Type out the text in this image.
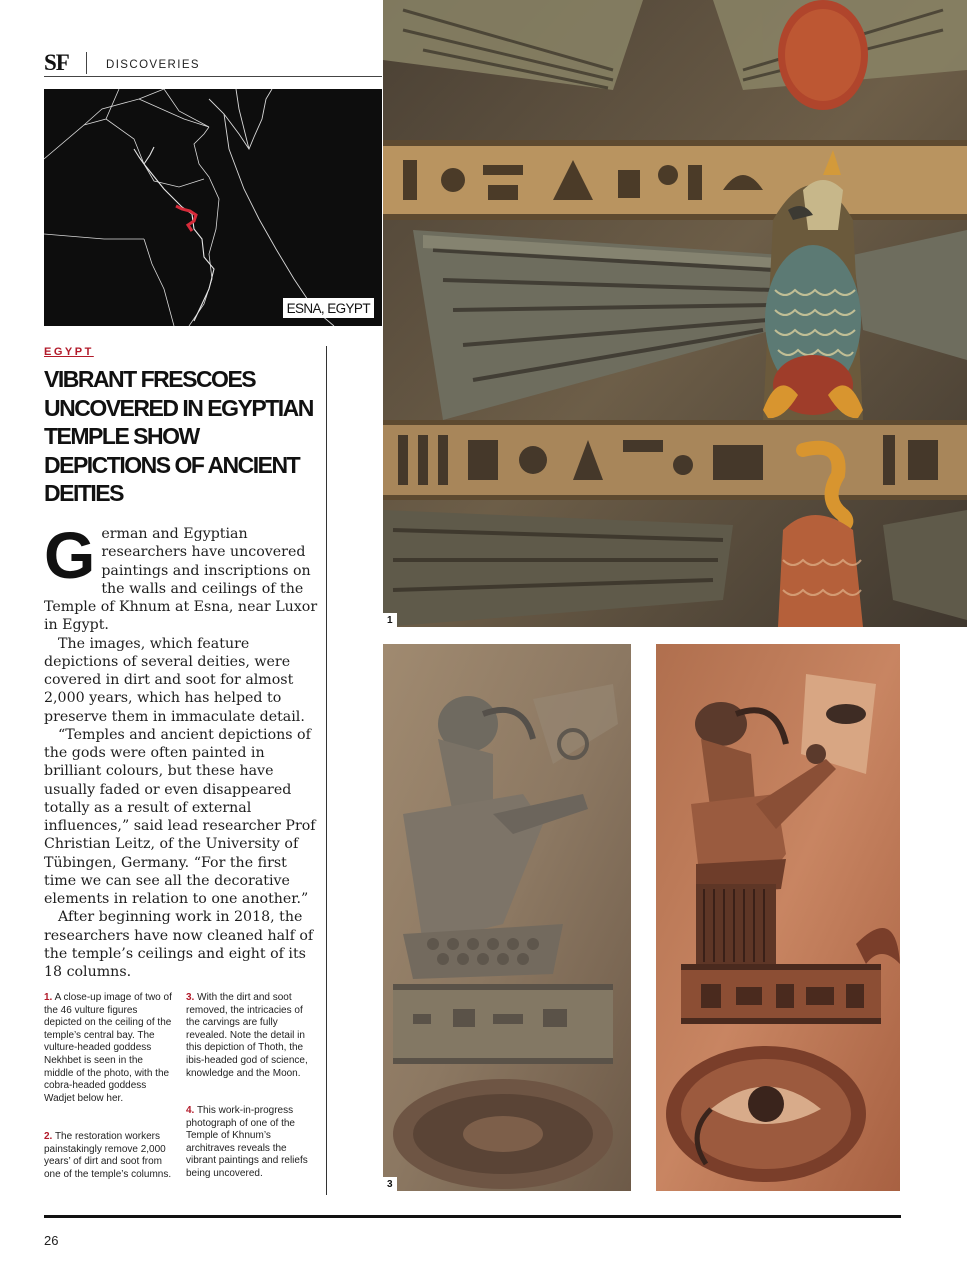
SF	DISCOVERIES
ESNA, EGYPT
EGYPT
VIBRANT FRESCOES UNCOVERED IN EGYPTIAN TEMPLE SHOW DEPICTIONS OF ANCIENT DEITIES

German and Egyptian researchers have uncovered paintings and inscriptions on the walls and ceilings of the Temple of Khnum at Esna, near Luxor in Egypt.

The images, which feature depictions of several deities, were covered in dirt and soot for almost 2,000 years, which has helped to preserve them in immaculate detail.

“Temples and ancient depictions of the gods were often painted in brilliant colours, but these have usually faded or even disappeared totally as a result of external influences,” said lead researcher Prof Christian Leitz, of the University of Tübingen, Germany. “For the first time we can see all the decorative elements in relation to one another.”

After beginning work in 2018, the researchers have now cleaned half of the temple’s ceilings and eight of its 18 columns.

1. A close-up image of two of the 46 vulture figures depicted on the ceiling of the temple’s central bay. The vulture-headed goddess Nekhbet is seen in the middle of the photo, with the cobra-headed goddess Wadjet below her.

2. The restoration workers painstakingly remove 2,000 years’ of dirt and soot from one of the temple’s columns.

3. With the dirt and soot removed, the intricacies of the carvings are fully revealed. Note the detail in this depiction of Thoth, the ibis-headed god of science, knowledge and the Moon.

4. This work-in-progress photograph of one of the Temple of Khnum’s architraves reveals the vibrant paintings and reliefs being uncovered.

1
3
26
